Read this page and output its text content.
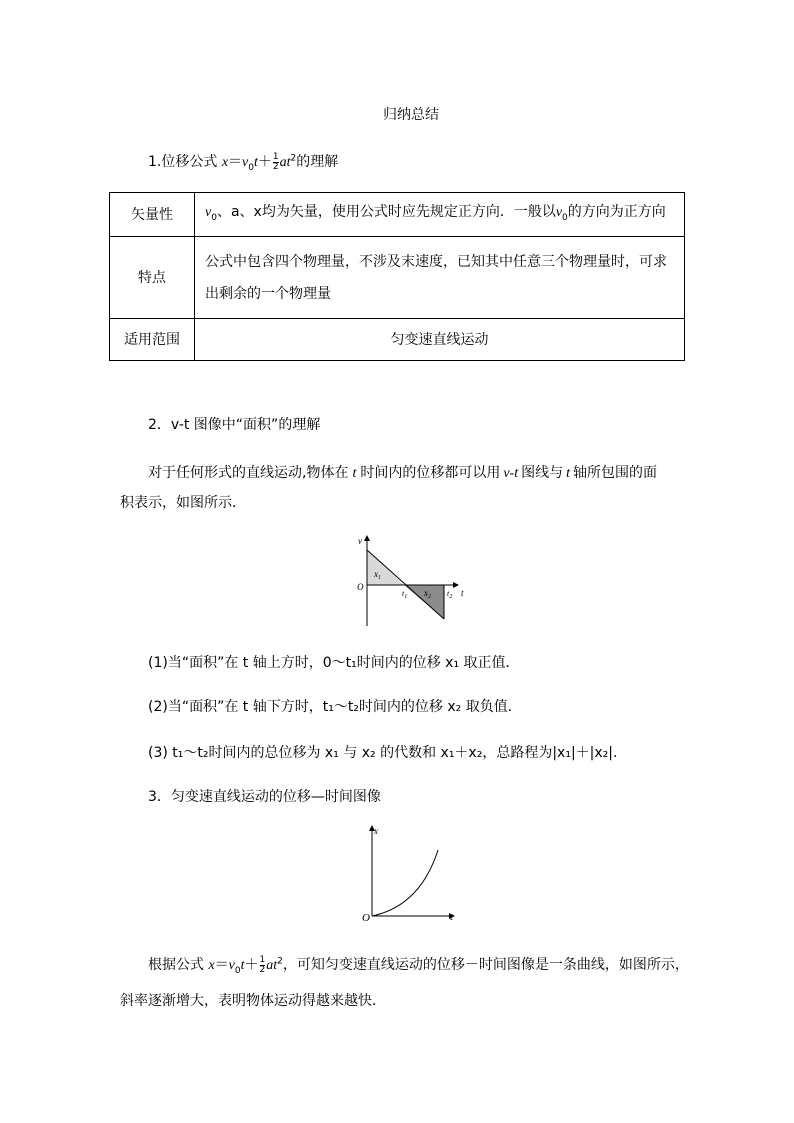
归纳总结
1.位移公式 $x=v_0t+ \frac{1}{2} at^2$的理解
矢量性	$v_0$、a、x均为矢量，使用公式时应先规定正方向．一般以$v_0$的方向为正方向
特点	公式中包含四个物理量，不涉及末速度，已知其中任意三个物理量时，可求出剩余的一个物理量
适用范围	匀变速直线运动
2．v-t 图像中“面积”的理解
对于任何形式的直线运动,物体在 t 时间内的位移都可以用 v-t 图线与 t 轴所包围的面
积表示，如图所示．
v
t
O
$t_1$	$t_2$
$x_1$
$x_2$
(1)当“面积”在 t 轴上方时，0～t₁时间内的位移 x₁ 取正值．
(2)当“面积”在 t 轴下方时，t₁～t₂时间内的位移 x₂ 取负值．
(3) t₁～t₂时间内的总位移为 x₁ 与 x₂ 的代数和 x₁＋x₂，总路程为|x₁|＋|x₂|．
3．匀变速直线运动的位移—时间图像
x
t
O
根据公式 $x=v_0t+ \frac{1}{2} at^2$，可知匀变速直线运动的位移－时间图像是一条曲线，如图所示，
斜率逐渐增大，表明物体运动得越来越快．
